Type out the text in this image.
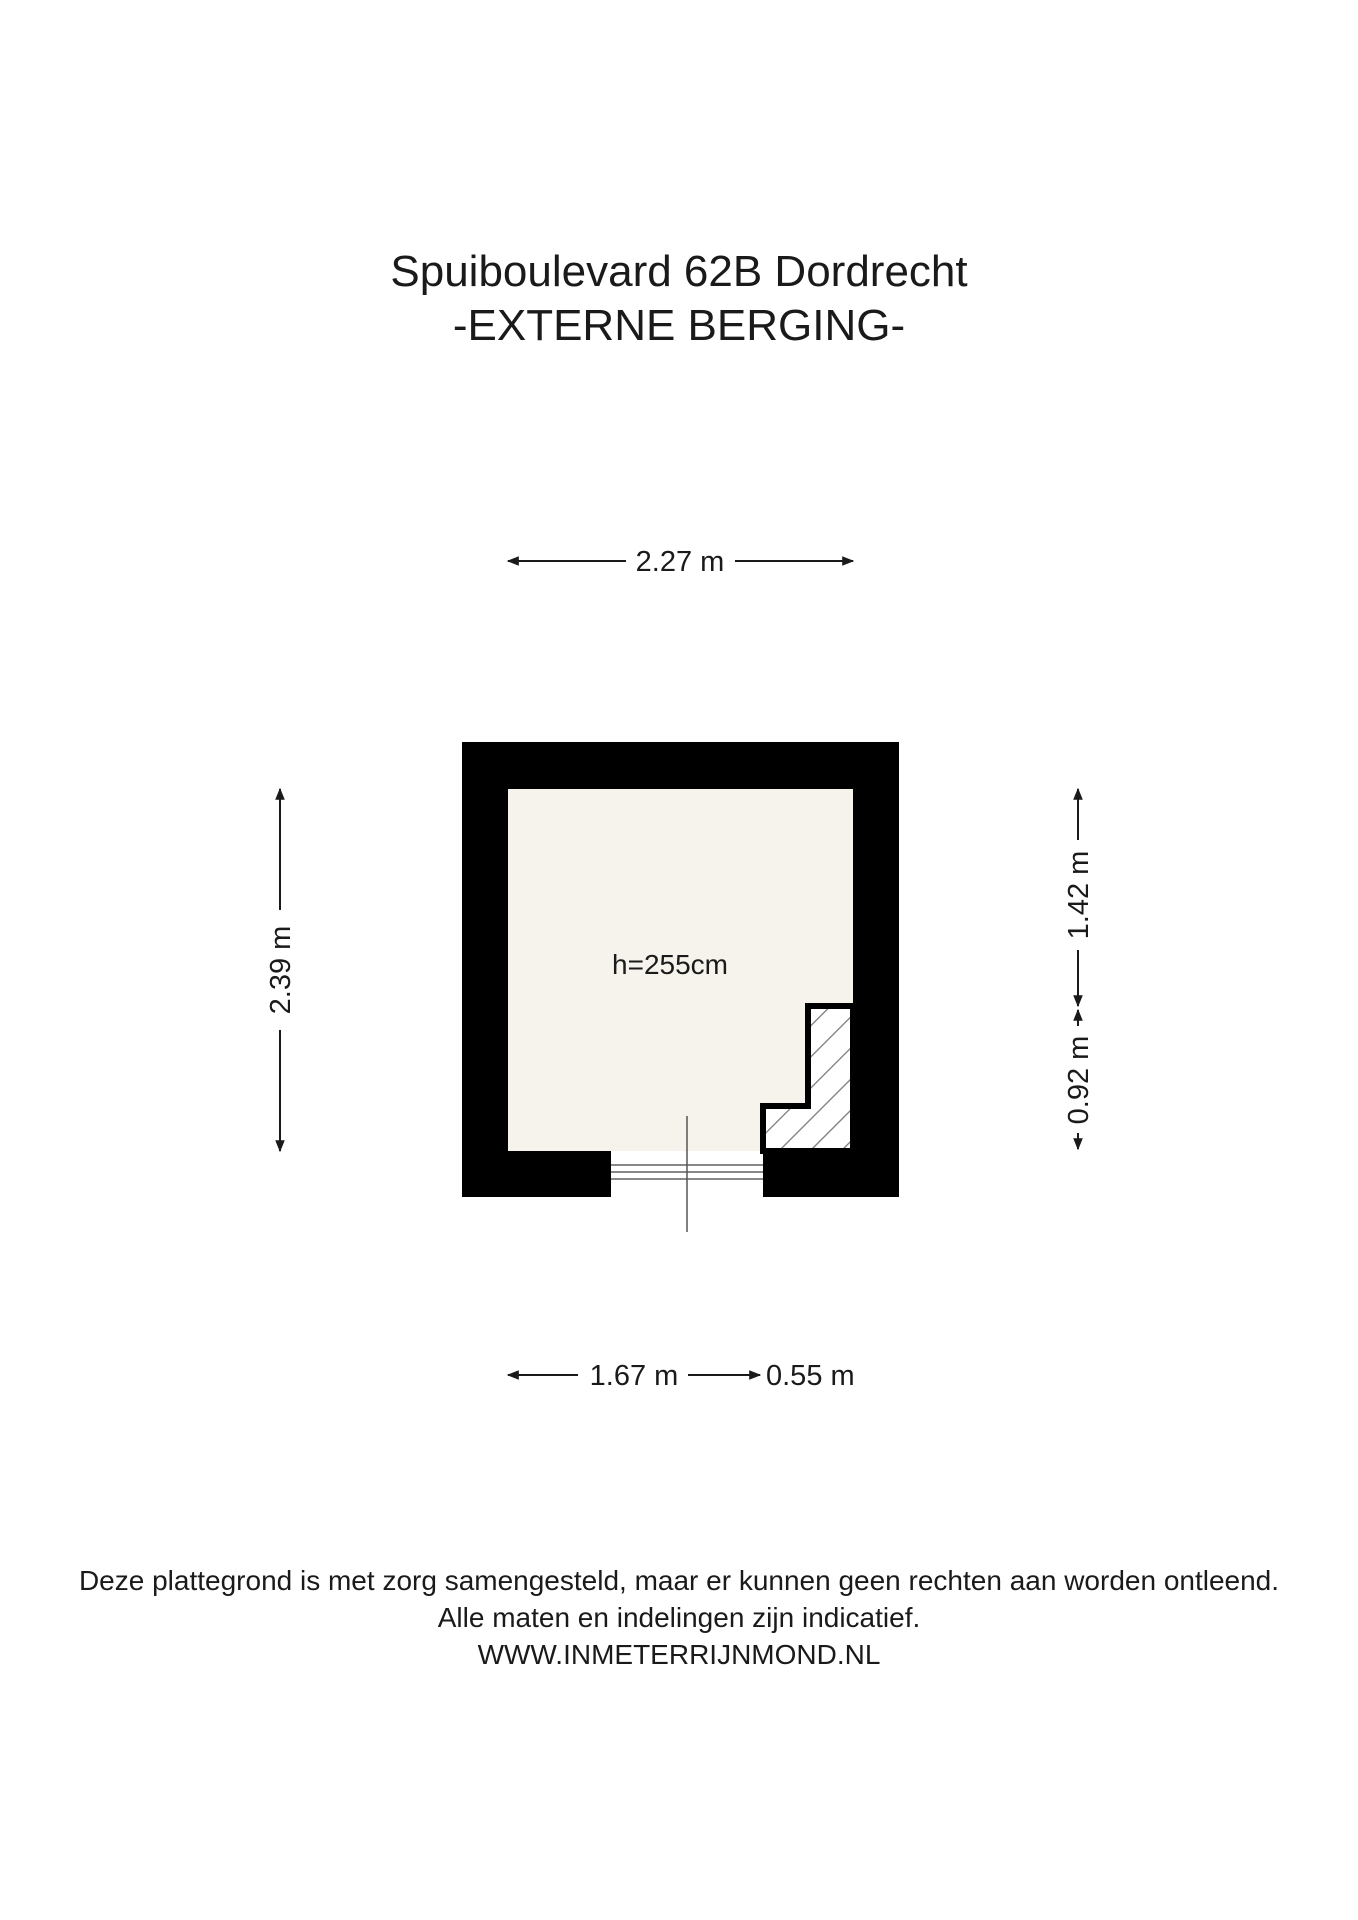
Spuiboulevard 62B Dordrecht
-EXTERNE BERGING-
h=255cm
2.27 m
2.39 m
1.42 m
0.92 m
1.67 m	0.55 m
Deze plattegrond is met zorg samengesteld, maar er kunnen geen rechten aan worden ontleend.
Alle maten en indelingen zijn indicatief.
WWW.INMETERRIJNMOND.NL
